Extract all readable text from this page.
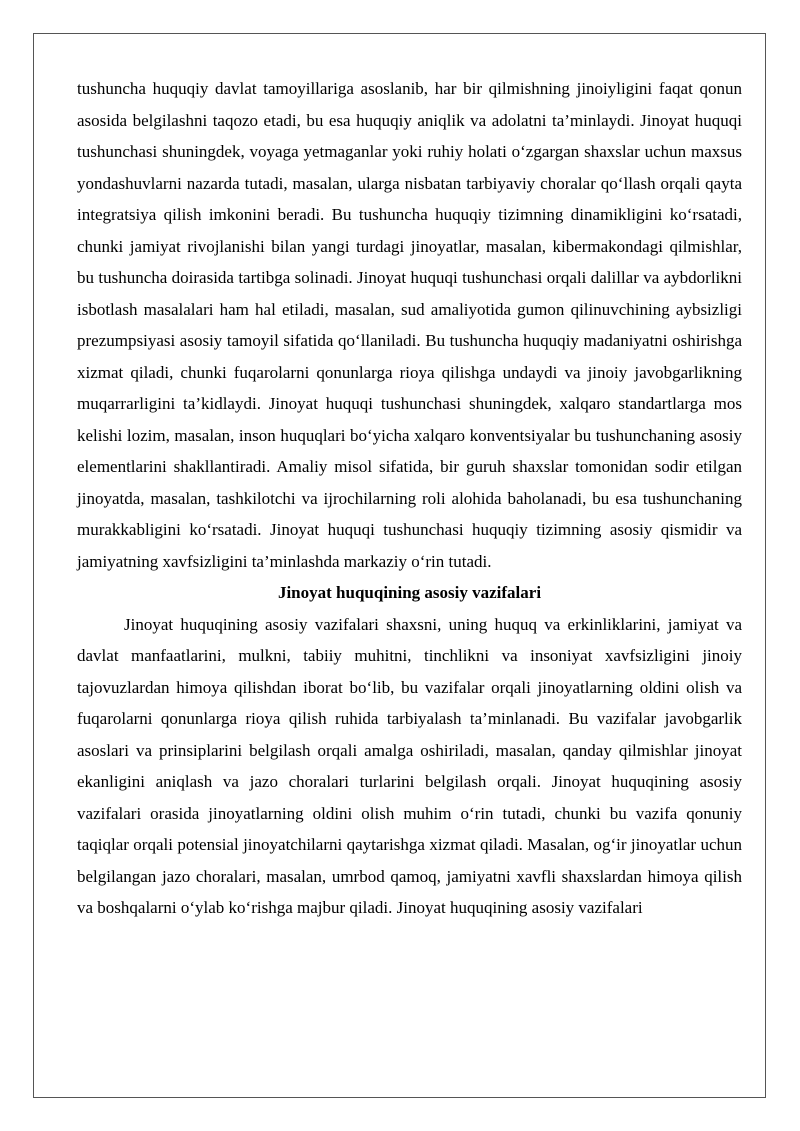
tushuncha huquqiy davlat tamoyillariga asoslanib, har bir qilmishning jinoiyligini faqat qonun asosida belgilashni taqozo etadi, bu esa huquqiy aniqlik va adolatni ta’minlaydi. Jinoyat huquqi tushunchasi shuningdek, voyaga yetmaganlar yoki ruhiy holati o‘zgargan shaxslar uchun maxsus yondashuvlarni nazarda tutadi, masalan, ularga nisbatan tarbiyaviy choralar qo‘llash orqali qayta integratsiya qilish imkonini beradi. Bu tushuncha huquqiy tizimning dinamikligini ko‘rsatadi, chunki jamiyat rivojlanishi bilan yangi turdagi jinoyatlar, masalan, kibermakondagi qilmishlar, bu tushuncha doirasida tartibga solinadi. Jinoyat huquqi tushunchasi orqali dalillar va aybdorlikni isbotlash masalalari ham hal etiladi, masalan, sud amaliyotida gumon qilinuvchining aybsizligi prezumpsiyasi asosiy tamoyil sifatida qo‘llaniladi. Bu tushuncha huquqiy madaniyatni oshirishga xizmat qiladi, chunki fuqarolarni qonunlarga rioya qilishga undaydi va jinoiy javobgarlikning muqarrarligini ta’kidlaydi. Jinoyat huquqi tushunchasi shuningdek, xalqaro standartlarga mos kelishi lozim, masalan, inson huquqlari bo‘yicha xalqaro konventsiyalar bu tushunchaning asosiy elementlarini shakllantiradi. Amaliy misol sifatida, bir guruh shaxslar tomonidan sodir etilgan jinoyatda, masalan, tashkilotchi va ijrochilarning roli alohida baholanadi, bu esa tushunchaning murakkabligini ko‘rsatadi. Jinoyat huquqi tushunchasi huquqiy tizimning asosiy qismidir va jamiyatning xavfsizligini ta’minlashda markaziy o‘rin tutadi.

Jinoyat huquqining asosiy vazifalari

Jinoyat huquqining asosiy vazifalari shaxsni, uning huquq va erkinliklarini, jamiyat va davlat manfaatlarini, mulkni, tabiiy muhitni, tinchlikni va insoniyat xavfsizligini jinoiy tajovuzlardan himoya qilishdan iborat bo‘lib, bu vazifalar orqali jinoyatlarning oldini olish va fuqarolarni qonunlarga rioya qilish ruhida tarbiyalash ta’minlanadi. Bu vazifalar javobgarlik asoslari va prinsiplarini belgilash orqali amalga oshiriladi, masalan, qanday qilmishlar jinoyat ekanligini aniqlash va jazo choralari turlarini belgilash orqali. Jinoyat huquqining asosiy vazifalari orasida jinoyatlarning oldini olish muhim o‘rin tutadi, chunki bu vazifa qonuniy taqiqlar orqali potensial jinoyatchilarni qaytarishga xizmat qiladi. Masalan, og‘ir jinoyatlar uchun belgilangan jazo choralari, masalan, umrbod qamoq, jamiyatni xavfli shaxslardan himoya qilish va boshqalarni o‘ylab ko‘rishga majbur qiladi. Jinoyat huquqining asosiy vazifalari
